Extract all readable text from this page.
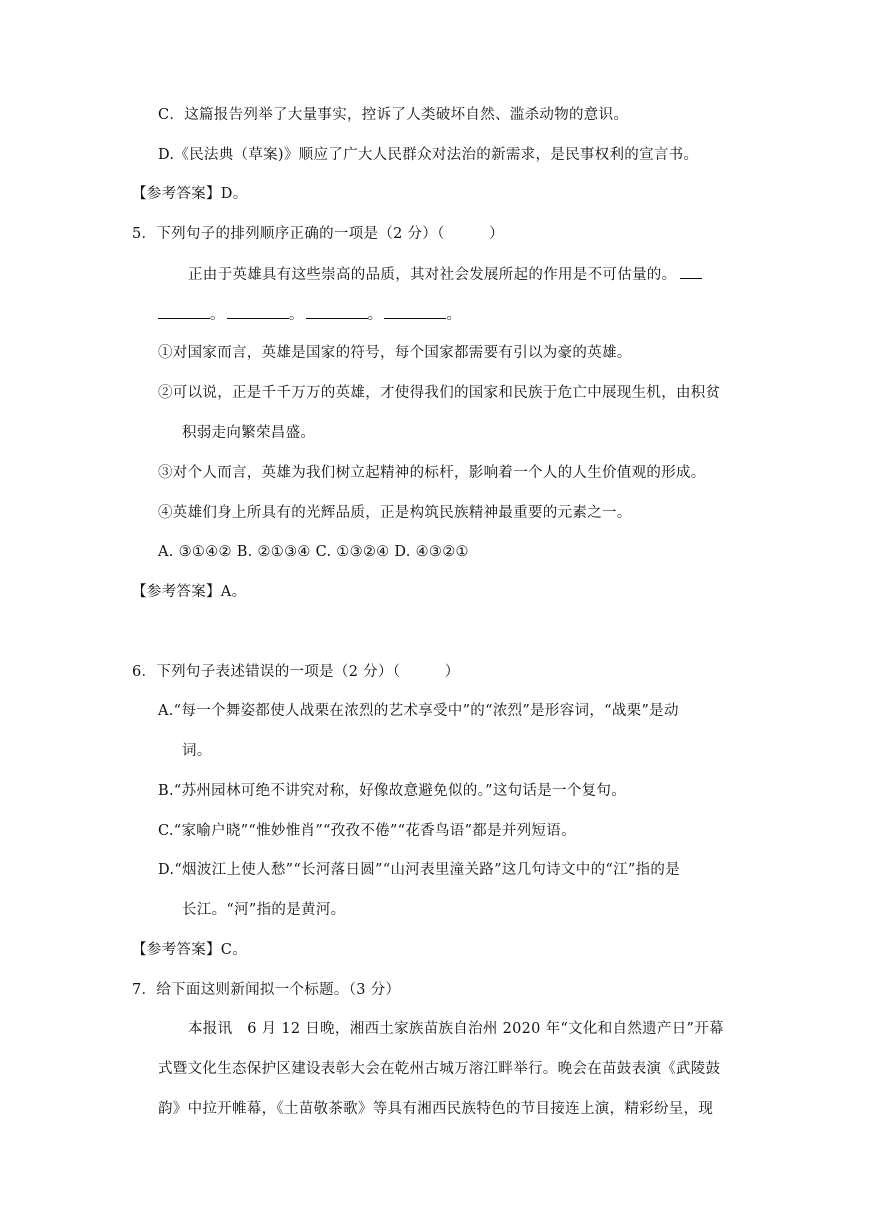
C．这篇报告列举了大量事实，控诉了人类破坏自然、滥杀动物的意识。
D.《民法典（草案)》顺应了广大人民群众对法治的新需求，是民事权利的宣言书。
【参考答案】D。
5．下列句子的排列顺序正确的一项是（2 分）（　　　）
正由于英雄具有这些崇高的品质，其对社会发展所起的作用是不可估量的。
。	。	。	。
①对国家而言，英雄是国家的符号，每个国家都需要有引以为豪的英雄。
②可以说，正是千千万万的英雄，才使得我们的国家和民族于危亡中展现生机，由积贫
积弱走向繁荣昌盛。
③对个人而言，英雄为我们树立起精神的标杆，影响着一个人的人生价值观的形成。
④英雄们身上所具有的光辉品质，正是构筑民族精神最重要的元素之一。
A. ③①④② B. ②①③④ C. ①③②④ D. ④③②①
【参考答案】A。
6．下列句子表述错误的一项是（2 分）（　　　）
A.“每一个舞姿都使人战栗在浓烈的艺术享受中”的“浓烈”是形容词，“战栗”是动
词。
B.“苏州园林可绝不讲究对称，好像故意避免似的。”这句话是一个复句。
C.“家喻户晓”“惟妙惟肖”“孜孜不倦”“花香鸟语”都是并列短语。
D.“烟波江上使人愁”“长河落日圆”“山河表里潼关路”这几句诗文中的“江”指的是
长江。“河”指的是黄河。
【参考答案】C。
7．给下面这则新闻拟一个标题。（3 分）
本报讯　6 月 12 日晚，湘西土家族苗族自治州 2020 年“文化和自然遗产日”开幕
式暨文化生态保护区建设表彰大会在乾州古城万溶江畔举行。晚会在苗鼓表演《武陵鼓
韵》中拉开帷幕，《土苗敬茶歌》等具有湘西民族特色的节目接连上演，精彩纷呈，现
